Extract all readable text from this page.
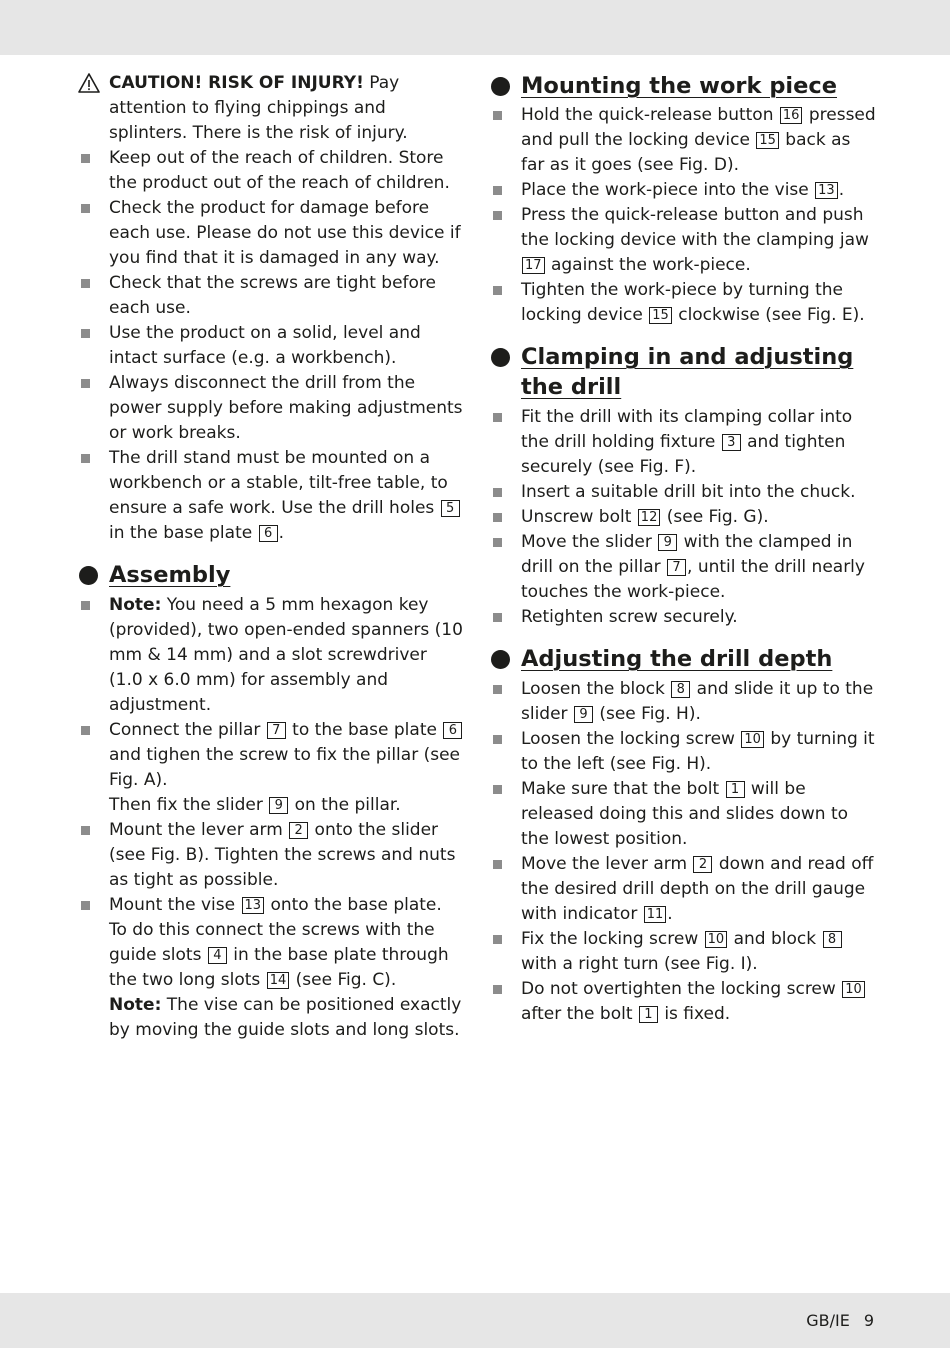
CAUTION! RISK OF INJURY! Pay attention to flying chippings and splinters. There is the risk of injury.

Keep out of the reach of children. Store the product out of the reach of children.

Check the product for damage before each use. Please do not use this device if you find that it is damaged in any way.

Check that the screws are tight before each use.

Use the product on a solid, level and intact surface (e.g. a workbench).

Always disconnect the drill from the power supply before making adjustments or work breaks.

The drill stand must be mounted on a workbench or a stable, tilt-free table, to ensure a safe work. Use the drill holes 5 in the base plate 6 .

Assembly

Note: You need a 5 mm hexagon key (provided), two open-ended spanners (10 mm & 14 mm) and a slot screwdriver (1.0 x 6.0 mm) for assembly and adjustment.

Connect the pillar 7 to the base plate 6 and tighen the screw to fix the pillar (see Fig. A).

Then fix the slider 9 on the pillar.

Mount the lever arm 2 onto the slider (see Fig. B). Tighten the screws and nuts as tight as possible.

Mount the vise 13 onto the base plate. To do this connect the screws with the guide slots 4 in the base plate through the two long slots 14 (see Fig. C).

Note: The vise can be positioned exactly by moving the guide slots and long slots.

Mounting the work piece

Hold the quick-release button 16 pressed and pull the locking device 15 back as far as it goes (see Fig. D).

Place the work-piece into the vise 13 .

Press the quick-release button and push the locking device with the clamping jaw 17 against the work-piece.

Tighten the work-piece by turning the locking device 15 clockwise (see Fig. E).

Clamping in and adjusting the drill

Fit the drill with its clamping collar into the drill holding fixture 3 and tighten securely (see Fig. F).

Insert a suitable drill bit into the chuck.

Unscrew bolt 12 (see Fig. G).

Move the slider 9 with the clamped in drill on the pillar 7 , until the drill nearly touches the work-piece.

Retighten screw securely.

Adjusting the drill depth

Loosen the block 8 and slide it up to the slider 9 (see Fig. H).

Loosen the locking screw 10 by turning it to the left (see Fig. H).

Make sure that the bolt 1 will be released doing this and slides down to the lowest position.

Move the lever arm 2 down and read off the desired drill depth on the drill gauge with indicator 11 .

Fix the locking screw 10 and block 8 with a right turn (see Fig. I).

Do not overtighten the locking screw 10 after the bolt 1 is fixed.

GB/IE 9
